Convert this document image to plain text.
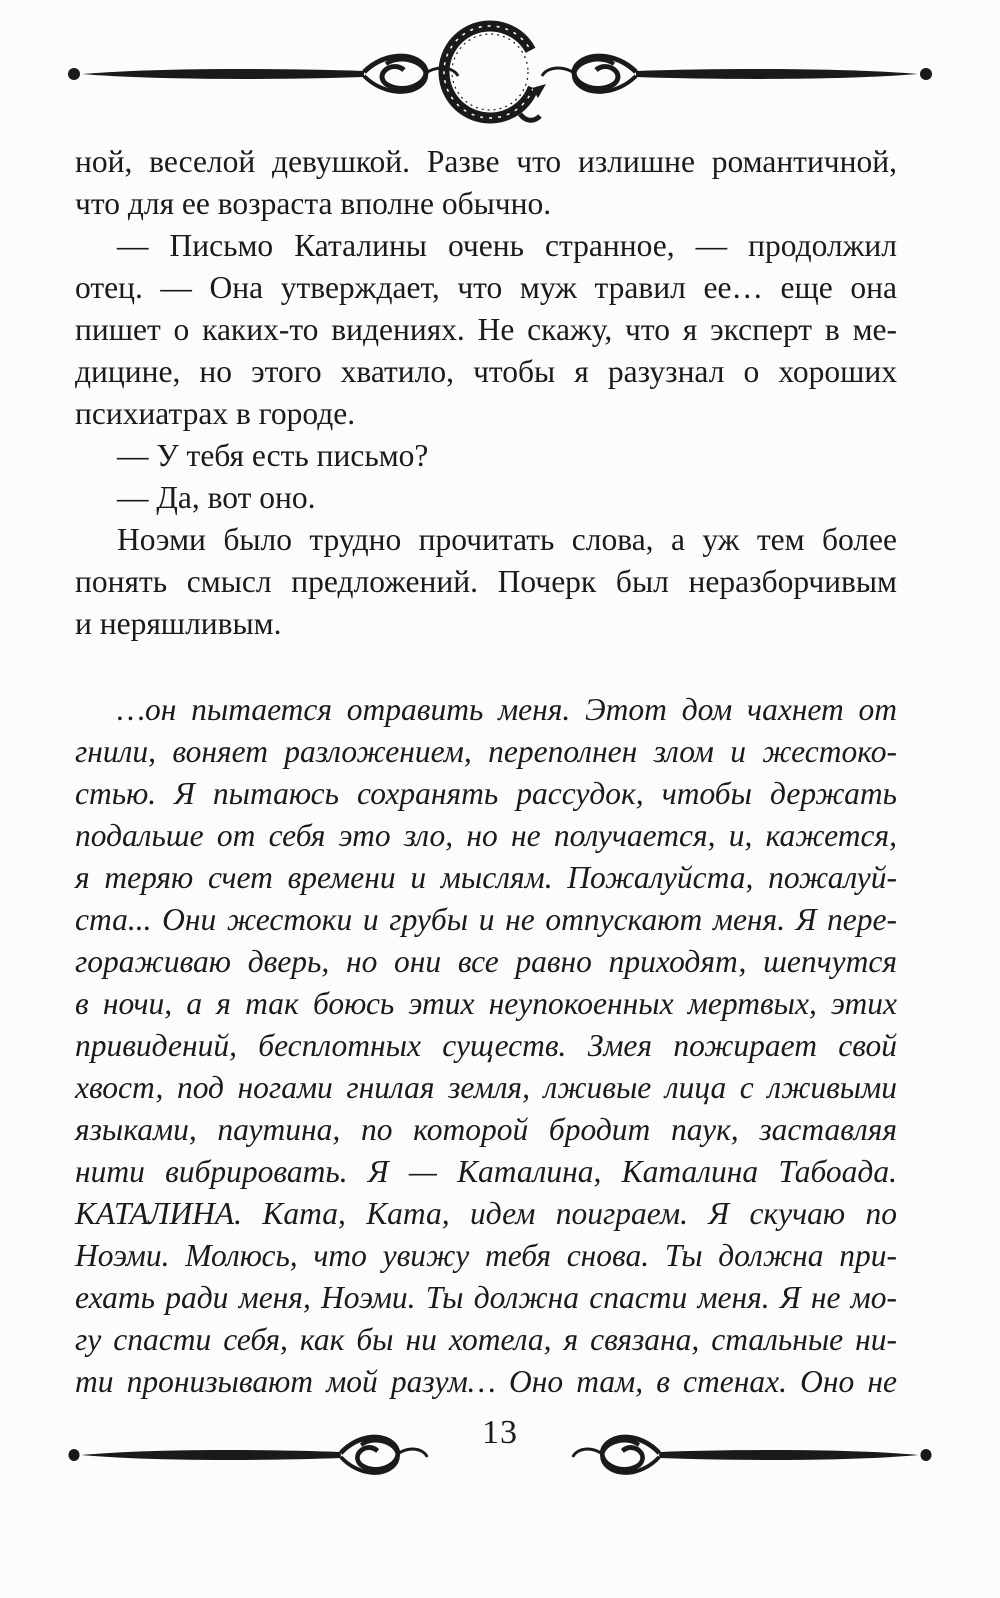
ной, веселой девушкой. Разве что излишне романтичной,
что для ее возраста вполне обычно.
— Письмо Каталины очень странное, — продолжил
отец. — Она утверждает, что муж травил ее… еще она
пишет о каких-то видениях. Не скажу, что я эксперт в ме-
дицине, но этого хватило, чтобы я разузнал о хороших
психиатрах в городе.
— У тебя есть письмо?
— Да, вот оно.
Ноэми было трудно прочитать слова, а уж тем более
понять смысл предложений. Почерк был неразборчивым
и неряшливым.
…он пытается отравить меня. Этот дом чахнет от
гнили, воняет разложением, переполнен злом и жестоко-
стью. Я пытаюсь сохранять рассудок, чтобы держать
подальше от себя это зло, но не получается, и, кажется,
я теряю счет времени и мыслям. Пожалуйста, пожалуй-
ста... Они жестоки и грубы и не отпускают меня. Я пере-
гораживаю дверь, но они все равно приходят, шепчутся
в ночи, а я так боюсь этих неупокоенных мертвых, этих
привидений, бесплотных существ. Змея пожирает свой
хвост, под ногами гнилая земля, лживые лица с лживыми
языками, паутина, по которой бродит паук, заставляя
нити вибрировать. Я — Каталина, Каталина Табоада.
КАТАЛИНА. Ката, Ката, идем поиграем. Я скучаю по
Ноэми. Молюсь, что увижу тебя снова. Ты должна при-
ехать ради меня, Ноэми. Ты должна спасти меня. Я не мо-
гу спасти себя, как бы ни хотела, я связана, стальные ни-
ти пронизывают мой разум… Оно там, в стенах. Оно не
13
